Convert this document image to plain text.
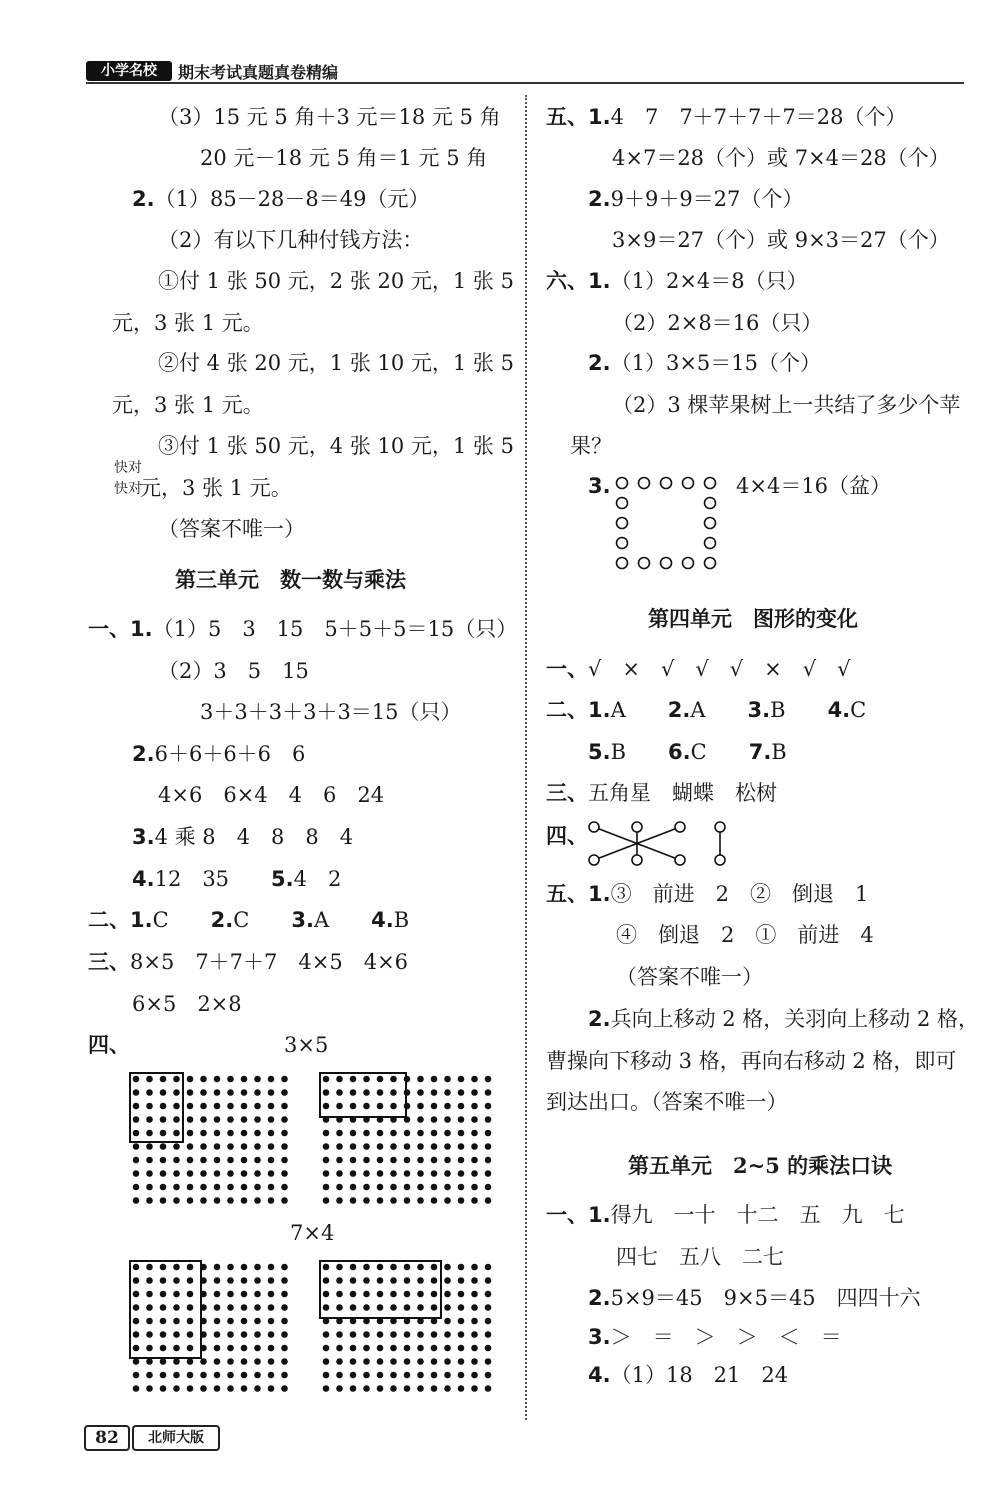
小学名校	期末考试真题真卷精编
（3）15 元 5 角＋3 元＝18 元 5 角
20 元－18 元 5 角＝1 元 5 角
2.（1）85－28－8＝49（元）
（2）有以下几种付钱方法：
①付 1 张 50 元，2 张 20 元，1 张 5
元，3 张 1 元。
②付 4 张 20 元，1 张 10 元，1 张 5
元，3 张 1 元。
③付 1 张 50 元，4 张 10 元，1 张 5
元，3 张 1 元。
快对
快对
（答案不唯一）
第三单元　数一数与乘法
一、1.（1）5　3　15　5＋5＋5＝15（只）
（2）3　5　15
3＋3＋3＋3＋3＝15（只）
2.6＋6＋6＋6　6
4×6　6×4　4　6　24
3.4 乘 8　4　8　8　4
4.12　35 5.4　2
二、1.C　　2.C　　3.A　　4.B
三、8×5　7＋7＋7　4×5　4×6
6×5　2×8
四、	3×5
7×4
五、1.4　7　7＋7＋7＋7＝28（个）
4×7＝28（个）或 7×4＝28（个）
2.9＋9＋9＝27（个）
3×9＝27（个）或 9×3＝27（个）
六、1.（1）2×4＝8（只）
（2）2×8＝16（只）
2.（1）3×5＝15（个）
（2）3 棵苹果树上一共结了多少个苹
果？
3.	4×4＝16（盆）
第四单元　图形的变化
一、√　×　√　√　√　×　√　√
二、1.A　　2.A　　3.B　　4.C
5.B　　6.C　　7.B
三、五角星　蝴蝶　松树
四、
五、1.③　前进　2　②　倒退　1
④　倒退　2　①　前进　4
（答案不唯一）
2.兵向上移动 2 格，关羽向上移动 2 格，
曹操向下移动 3 格，再向右移动 2 格，即可
到达出口。（答案不唯一）
第五单元　2~5 的乘法口诀
一、1.得九　一十　十二　五　九　七
四七　五八　二七
2.5×9＝45　9×5＝45　四四十六
3.＞　＝　＞　＞　＜　＝
4.（1）18　21　24
82	北师大版
